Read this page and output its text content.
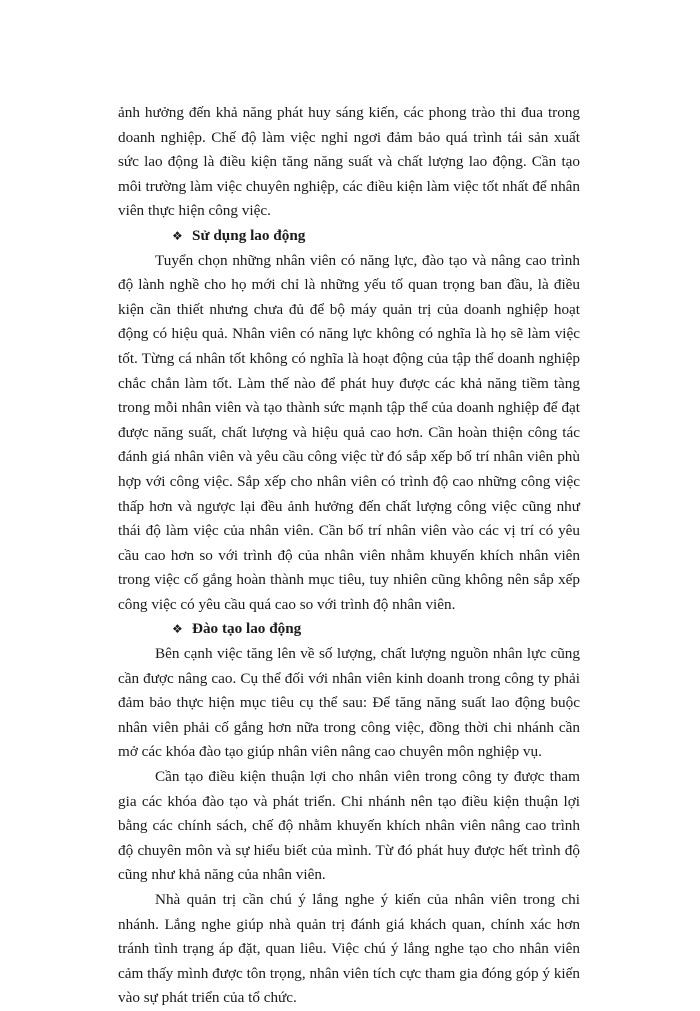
ảnh hưởng đến khả năng phát huy sáng kiến, các phong trào thi đua trong doanh nghiệp. Chế độ làm việc nghỉ ngơi đảm bảo quá trình tái sản xuất sức lao động là điều kiện tăng năng suất và chất lượng lao động. Cần tạo môi trường làm việc chuyên nghiệp, các điều kiện làm việc tốt nhất để nhân viên thực hiện công việc.

❖ Sử dụng lao động

Tuyển chọn những nhân viên có năng lực, đào tạo và nâng cao trình độ lành nghề cho họ mới chỉ là những yếu tố quan trọng ban đầu, là điều kiện cần thiết nhưng chưa đủ để bộ máy quản trị của doanh nghiệp hoạt động có hiệu quả. Nhân viên có năng lực không có nghĩa là họ sẽ làm việc tốt. Từng cá nhân tốt không có nghĩa là hoạt động của tập thể doanh nghiệp chắc chắn làm tốt. Làm thế nào để phát huy được các khả năng tiềm tàng trong mỗi nhân viên và tạo thành sức mạnh tập thể của doanh nghiệp để đạt được năng suất, chất lượng và hiệu quả cao hơn. Cần hoàn thiện công tác đánh giá nhân viên và yêu cầu công việc từ đó sắp xếp bố trí nhân viên phù hợp với công việc. Sắp xếp cho nhân viên có trình độ cao những công việc thấp hơn và ngược lại đều ảnh hưởng đến chất lượng công việc cũng như thái độ làm việc của nhân viên. Cần bố trí nhân viên vào các vị trí có yêu cầu cao hơn so với trình độ của nhân viên nhằm khuyến khích nhân viên trong việc cố gắng hoàn thành mục tiêu, tuy nhiên cũng không nên sắp xếp công việc có yêu cầu quá cao so với trình độ nhân viên.

❖ Đào tạo lao động

Bên cạnh việc tăng lên về số lượng, chất lượng nguồn nhân lực cũng cần được nâng cao. Cụ thể đối với nhân viên kinh doanh trong công ty phải đảm bảo thực hiện mục tiêu cụ thể sau: Để tăng năng suất lao động buộc nhân viên phải cố gắng hơn nữa trong công việc, đồng thời chi nhánh cần mở các khóa đào tạo giúp nhân viên nâng cao chuyên môn nghiệp vụ.

Cần tạo điều kiện thuận lợi cho nhân viên trong công ty được tham gia các khóa đào tạo và phát triển. Chi nhánh nên tạo điều kiện thuận lợi bằng các chính sách, chế độ nhằm khuyến khích nhân viên nâng cao trình độ chuyên môn và sự hiểu biết của mình. Từ đó phát huy được hết trình độ cũng như khả năng của nhân viên.

Nhà quản trị cần chú ý lắng nghe ý kiến của nhân viên trong chi nhánh. Lắng nghe giúp nhà quản trị đánh giá khách quan, chính xác hơn tránh tình trạng áp đặt, quan liêu. Việc chú ý lắng nghe tạo cho nhân viên cảm thấy mình được tôn trọng, nhân viên tích cực tham gia đóng góp ý kiến vào sự phát triển của tổ chức.
